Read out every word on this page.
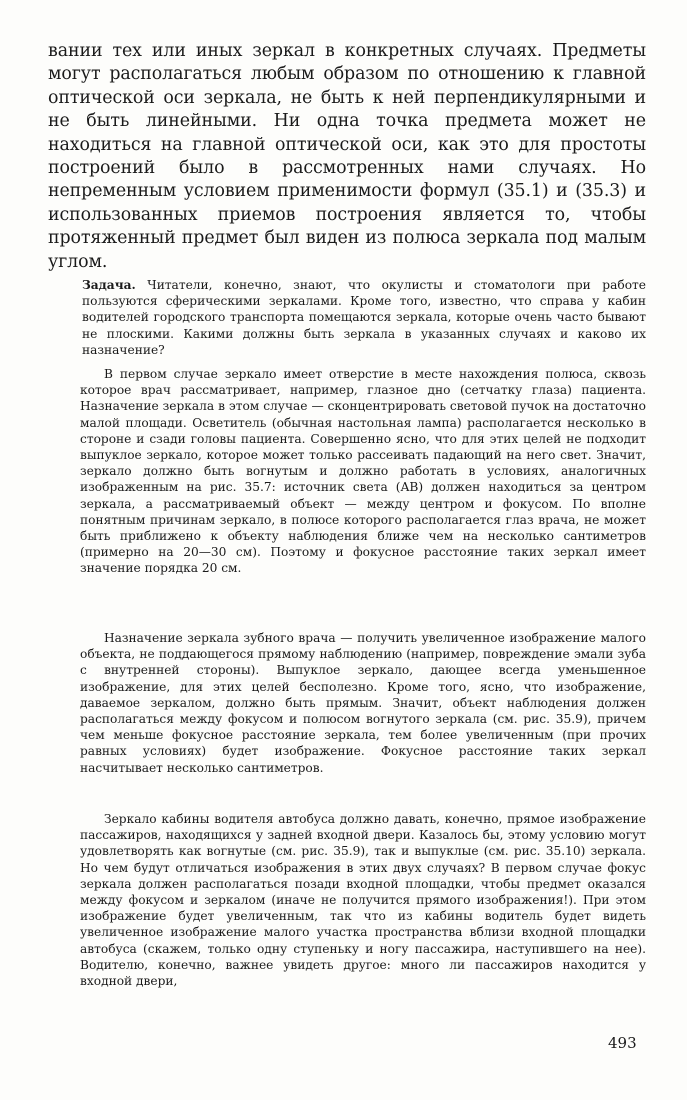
вании тех или иных зеркал в конкретных случаях. Предметы могут располагаться любым образом по отношению к главной оптической оси зеркала, не быть к ней перпендикулярными и не быть линейными. Ни одна точка предмета может не находиться на главной оптической оси, как это для простоты построений было в рассмотренных нами случаях. Но непременным условием применимости формул (35.1) и (35.3) и использованных приемов построения является то, чтобы протяженный предмет был виден из полюса зеркала под малым углом.

Задача. Читатели, конечно, знают, что окулисты и стоматологи при работе пользуются сферическими зеркалами. Кроме того, известно, что справа у кабин водителей городского транспорта помещаются зеркала, которые очень часто бывают не плоскими. Какими должны быть зеркала в указанных случаях и каково их назначение?

В первом случае зеркало имеет отверстие в месте нахождения полюса, сквозь которое врач рассматривает, например, глазное дно (сетчатку глаза) пациента. Назначение зеркала в этом случае — сконцентрировать световой пучок на достаточно малой площади. Осветитель (обычная настольная лампа) располагается несколько в стороне и сзади головы пациента. Совершенно ясно, что для этих целей не подходит выпуклое зеркало, которое может только рассеивать падающий на него свет. Значит, зеркало должно быть вогнутым и должно работать в условиях, аналогичных изображенным на рис. 35.7: источник света (AB) должен находиться за центром зеркала, а рассматриваемый объект — между центром и фокусом. По вполне понятным причинам зеркало, в полюсе которого располагается глаз врача, не может быть приближено к объекту наблюдения ближе чем на несколько сантиметров (примерно на 20—30 см). Поэтому и фокусное расстояние таких зеркал имеет значение порядка 20 см.

Назначение зеркала зубного врача — получить увеличенное изображение малого объекта, не поддающегося прямому наблюдению (например, повреждение эмали зуба с внутренней стороны). Выпуклое зеркало, дающее всегда уменьшенное изображение, для этих целей бесполезно. Кроме того, ясно, что изображение, даваемое зеркалом, должно быть прямым. Значит, объект наблюдения должен располагаться между фокусом и полюсом вогнутого зеркала (см. рис. 35.9), причем чем меньше фокусное расстояние зеркала, тем более увеличенным (при прочих равных условиях) будет изображение. Фокусное расстояние таких зеркал насчитывает несколько сантиметров.

Зеркало кабины водителя автобуса должно давать, конечно, прямое изображение пассажиров, находящихся у задней входной двери. Казалось бы, этому условию могут удовлетворять как вогнутые (см. рис. 35.9), так и выпуклые (см. рис. 35.10) зеркала. Но чем будут отличаться изображения в этих двух случаях? В первом случае фокус зеркала должен располагаться позади входной площадки, чтобы предмет оказался между фокусом и зеркалом (иначе не получится прямого изображения!). При этом изображение будет увеличенным, так что из кабины водитель будет видеть увеличенное изображение малого участка пространства вблизи входной площадки автобуса (скажем, только одну ступеньку и ногу пассажира, наступившего на нее). Водителю, конечно, важнее увидеть другое: много ли пассажиров находится у входной двери,

493
